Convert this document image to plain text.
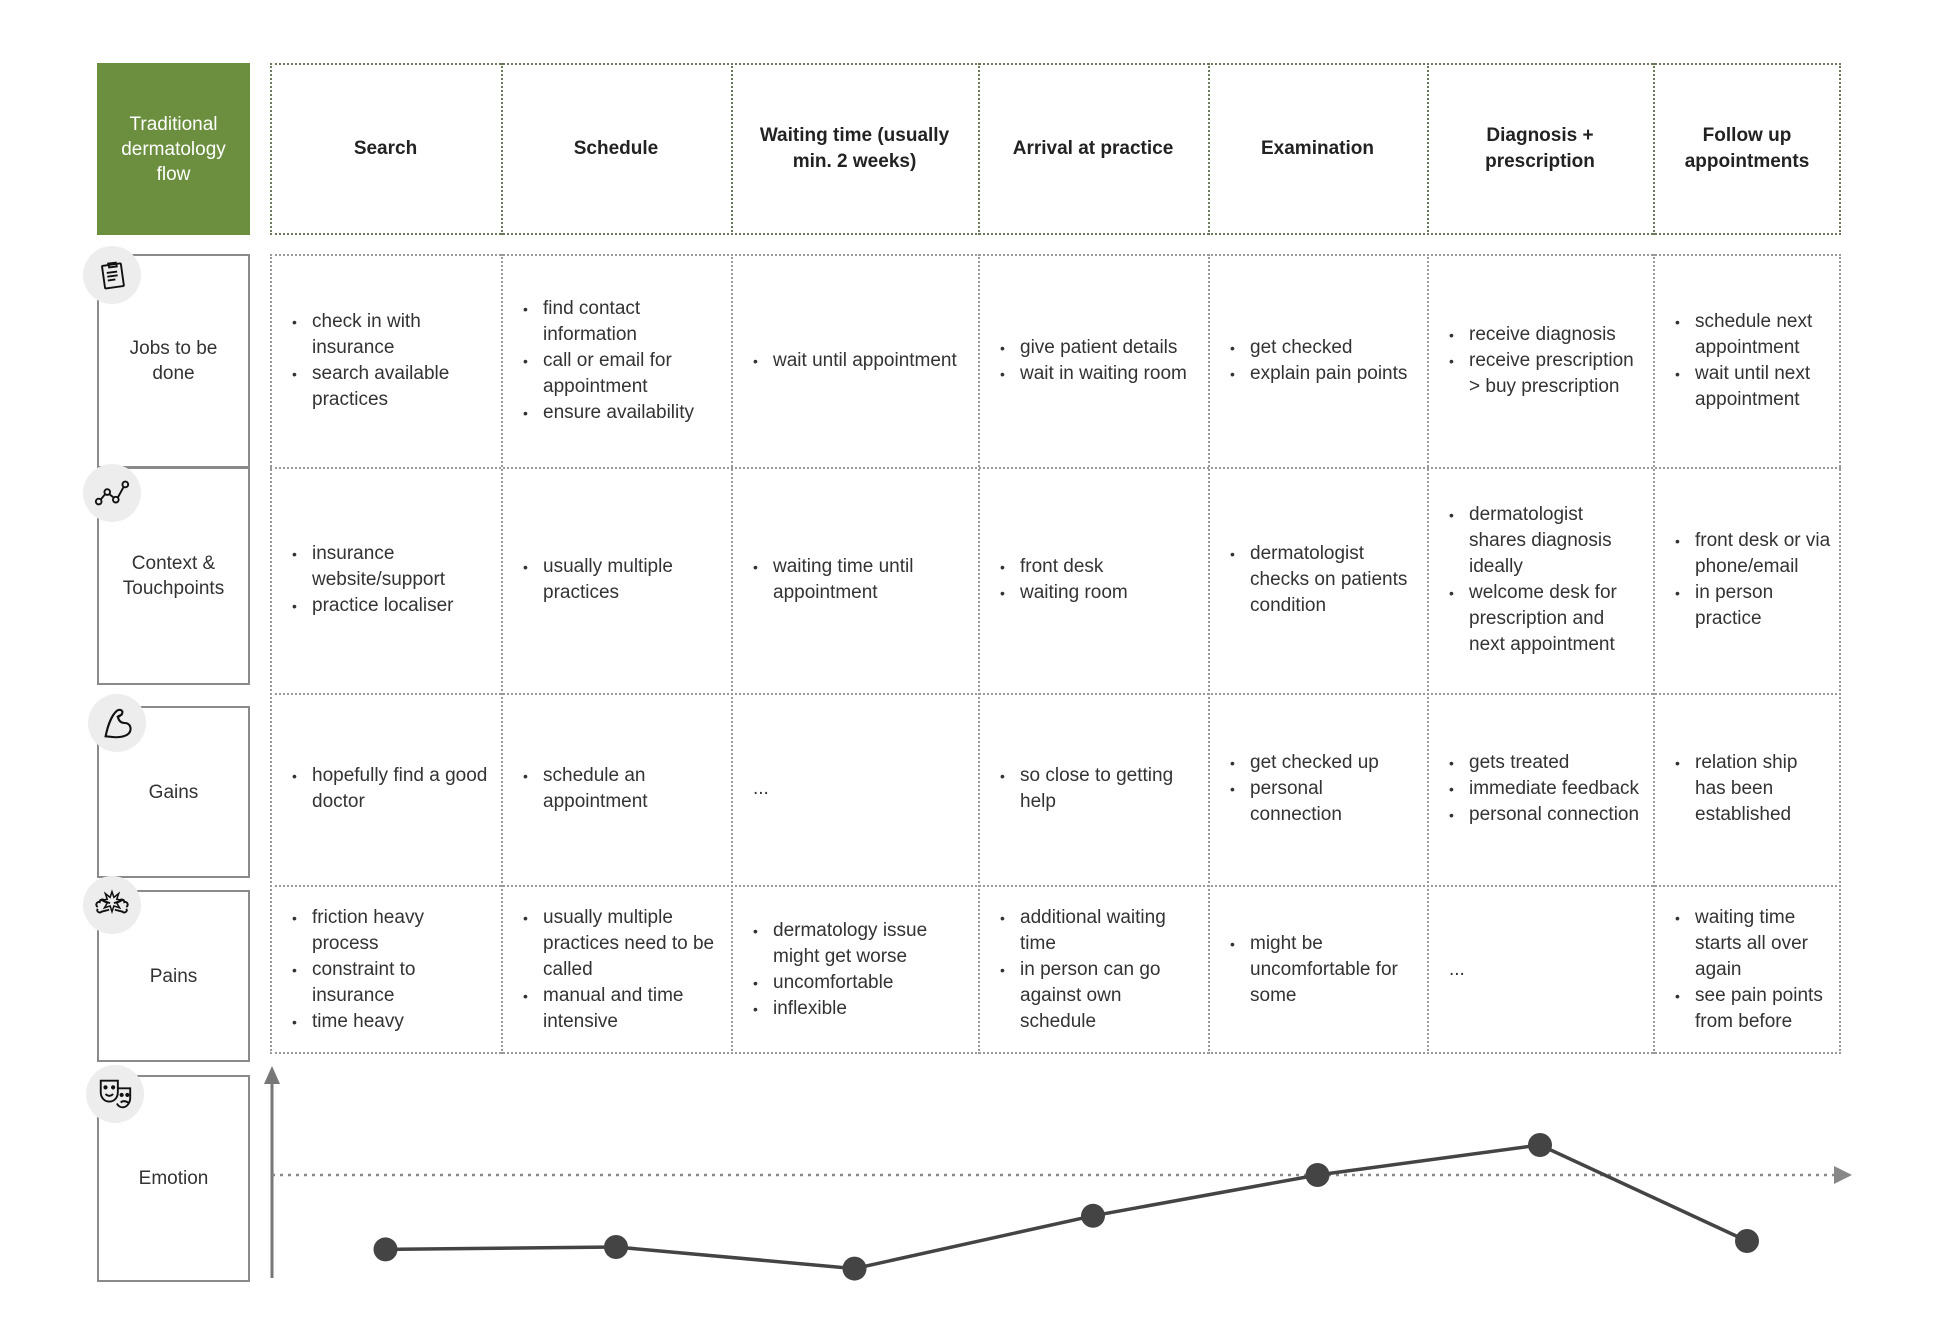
Traditional dermatology flow
Search	Schedule
Waiting time (usually min. 2 weeks)
Arrival at practice	Examination
Diagnosis + prescription
Follow up appointments
Jobs to be done
• check in with insurance
• search available practices
• find contact information
• call or email for appointment
• ensure availability
• wait until appointment
• give patient details
• wait in waiting room
• get checked
• explain pain points
• receive diagnosis
• receive prescription > buy prescription
• schedule next appointment
• wait until next appointment
Context & Touchpoints
• insurance website/support
• practice localiser
• usually multiple practices
• waiting time until appointment
• front desk
• waiting room
• dermatologist checks on patients condition
• dermatologist shares diagnosis ideally
• welcome desk for prescription and next appointment
• front desk or via phone/email
• in person practice
Gains
• hopefully find a good doctor
• schedule an appointment
...
• so close to getting help
• get checked up
• personal connection
• gets treated
• immediate feedback
• personal connection
• relation ship has been established
Pains
• friction heavy process
• constraint to insurance
• time heavy
• usually multiple practices need to be called
• manual and time intensive
• dermatology issue might get worse
• uncomfortable
• inflexible
• additional waiting time
• in person can go against own schedule
• might be uncomfortable for some
...
• waiting time starts all over again
• see pain points from before
Emotion
